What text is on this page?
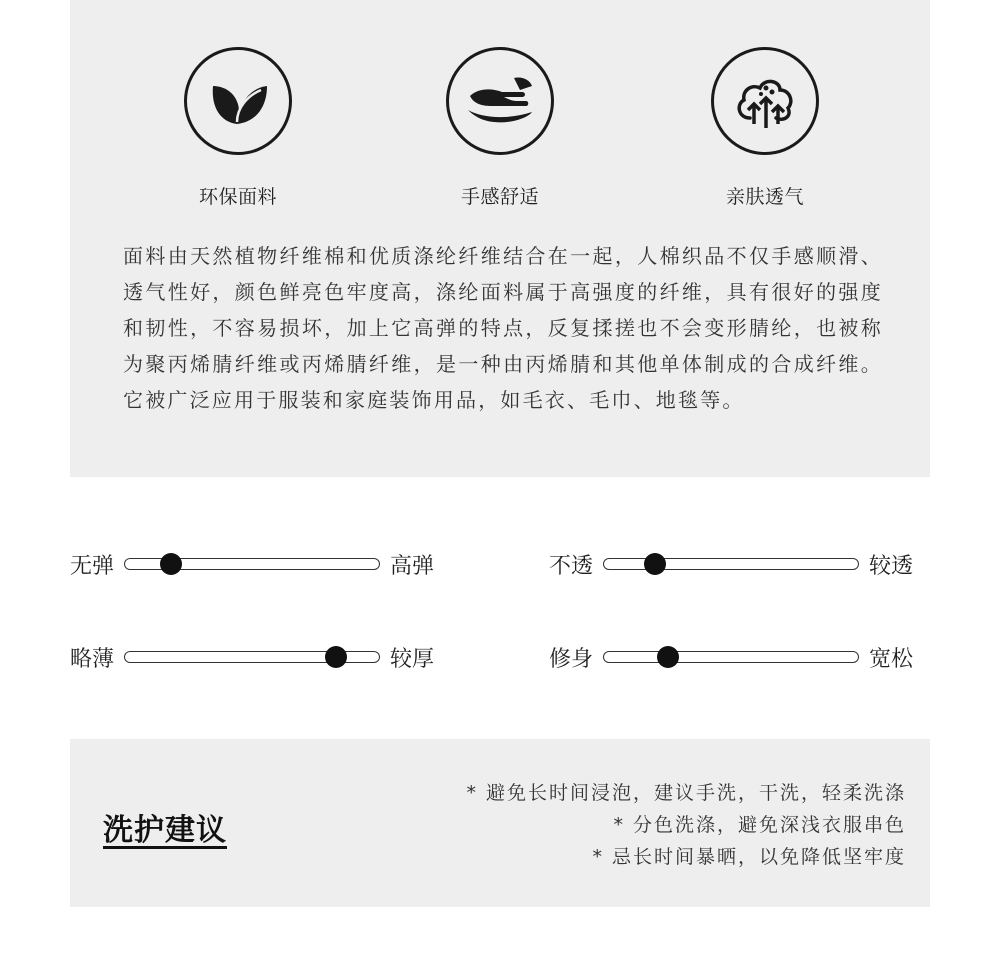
环保面料	手感舒适	亲肤透气
面料由天然植物纤维棉和优质涤纶纤维结合在一起，人棉织品不仅手感顺滑、透气性好，颜色鲜亮色牢度高，涤纶面料属于高强度的纤维，具有很好的强度和韧性，不容易损坏，加上它高弹的特点，反复揉搓也不会变形腈纶，也被称为聚丙烯腈纤维或丙烯腈纤维，是一种由丙烯腈和其他单体制成的合成纤维。它被广泛应用于服装和家庭装饰用品，如毛衣、毛巾、地毯等。
无弹	高弹	不透	较透
略薄	较厚	修身	宽松
洗护建议
* 避免长时间浸泡，建议手洗，干洗，轻柔洗涤
* 分色洗涤，避免深浅衣服串色
* 忌长时间暴晒，以免降低坚牢度
